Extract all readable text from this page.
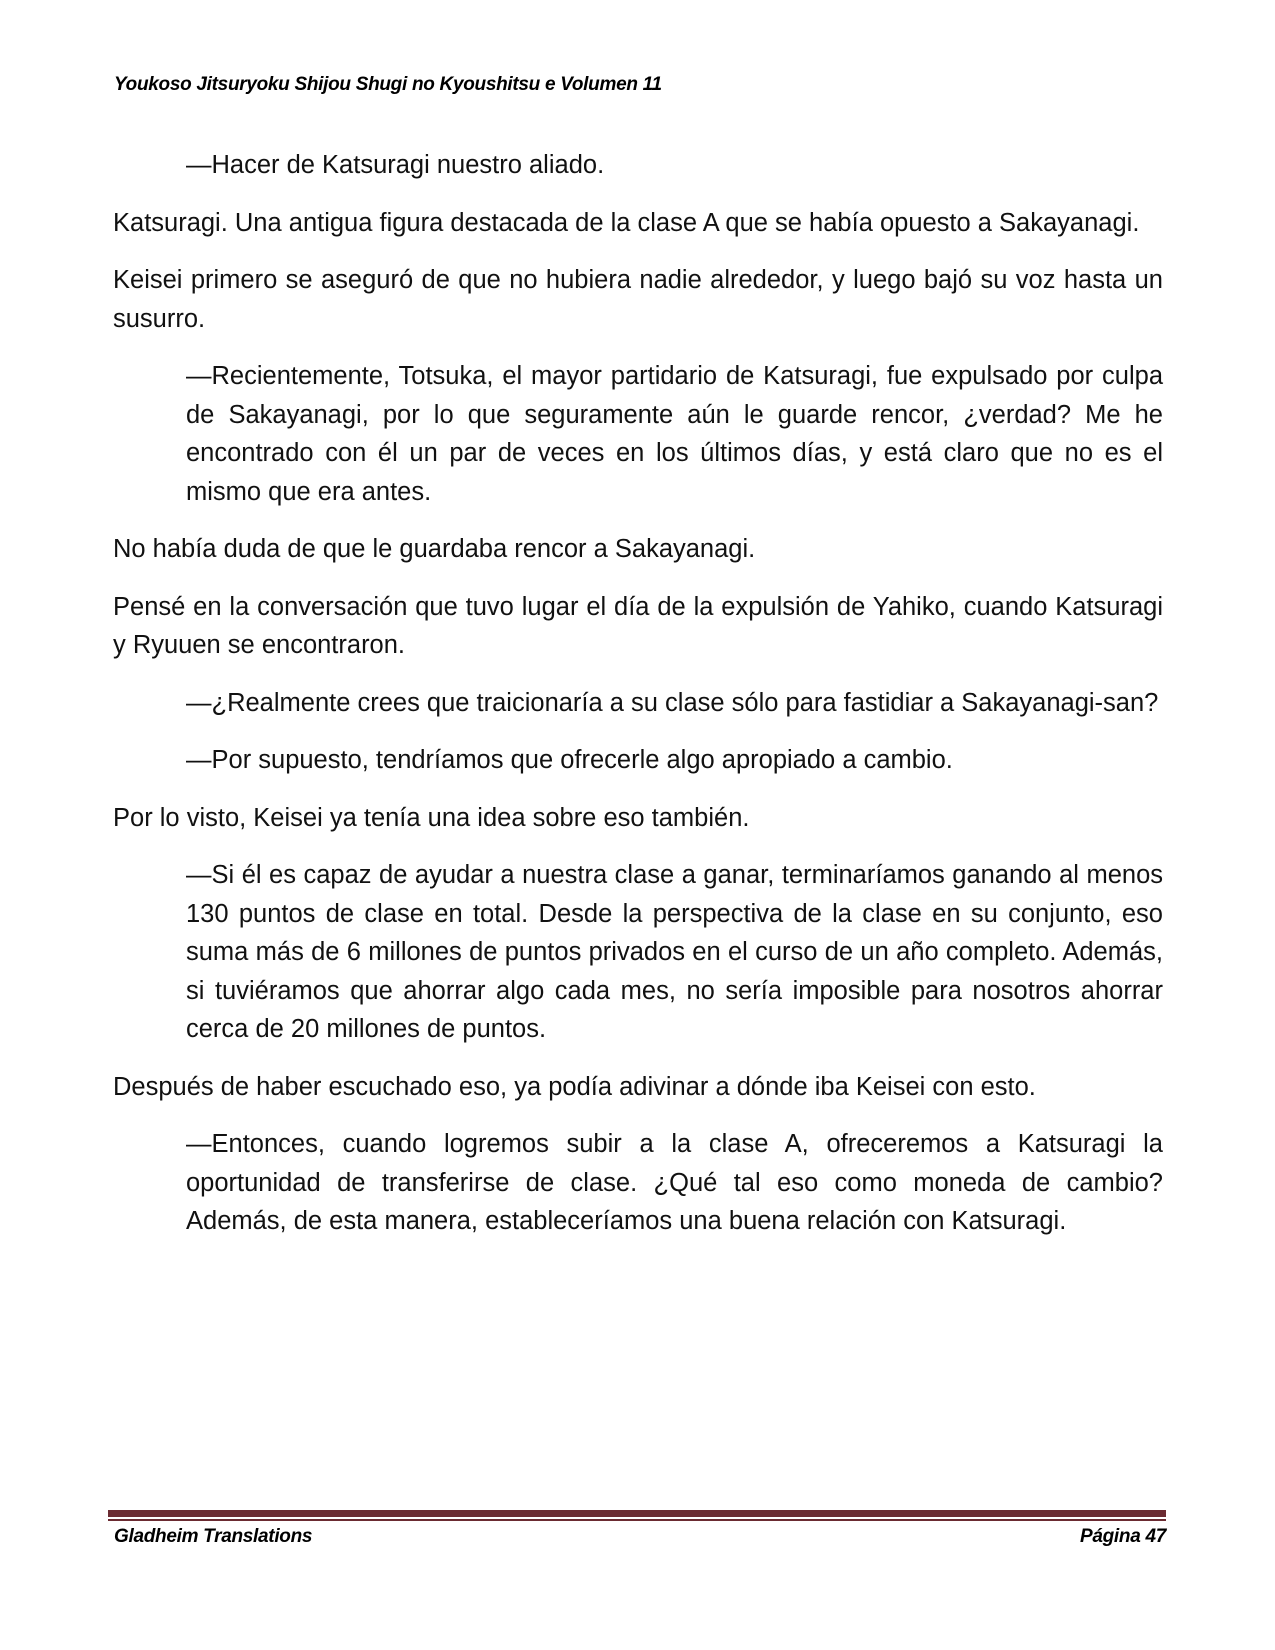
Youkoso Jitsuryoku Shijou Shugi no Kyoushitsu e Volumen 11

—Hacer de Katsuragi nuestro aliado.

Katsuragi. Una antigua figura destacada de la clase A que se había opuesto a Sakayanagi.

Keisei primero se aseguró de que no hubiera nadie alrededor, y luego bajó su voz hasta un susurro.

—Recientemente, Totsuka, el mayor partidario de Katsuragi, fue expulsado por culpa de Sakayanagi, por lo que seguramente aún le guarde rencor, ¿verdad? Me he encontrado con él un par de veces en los últimos días, y está claro que no es el mismo que era antes.

No había duda de que le guardaba rencor a Sakayanagi.

Pensé en la conversación que tuvo lugar el día de la expulsión de Yahiko, cuando Katsuragi y Ryuuen se encontraron.

—¿Realmente crees que traicionaría a su clase sólo para fastidiar a Sakayanagi-san?

—Por supuesto, tendríamos que ofrecerle algo apropiado a cambio.

Por lo visto, Keisei ya tenía una idea sobre eso también.

—Si él es capaz de ayudar a nuestra clase a ganar, terminaríamos ganando al menos 130 puntos de clase en total. Desde la perspectiva de la clase en su conjunto, eso suma más de 6 millones de puntos privados en el curso de un año completo. Además, si tuviéramos que ahorrar algo cada mes, no sería imposible para nosotros ahorrar cerca de 20 millones de puntos.

Después de haber escuchado eso, ya podía adivinar a dónde iba Keisei con esto.

—Entonces, cuando logremos subir a la clase A, ofreceremos a Katsuragi la oportunidad de transferirse de clase. ¿Qué tal eso como moneda de cambio? Además, de esta manera, estableceríamos una buena relación con Katsuragi.

Gladheim Translations	Página 47
